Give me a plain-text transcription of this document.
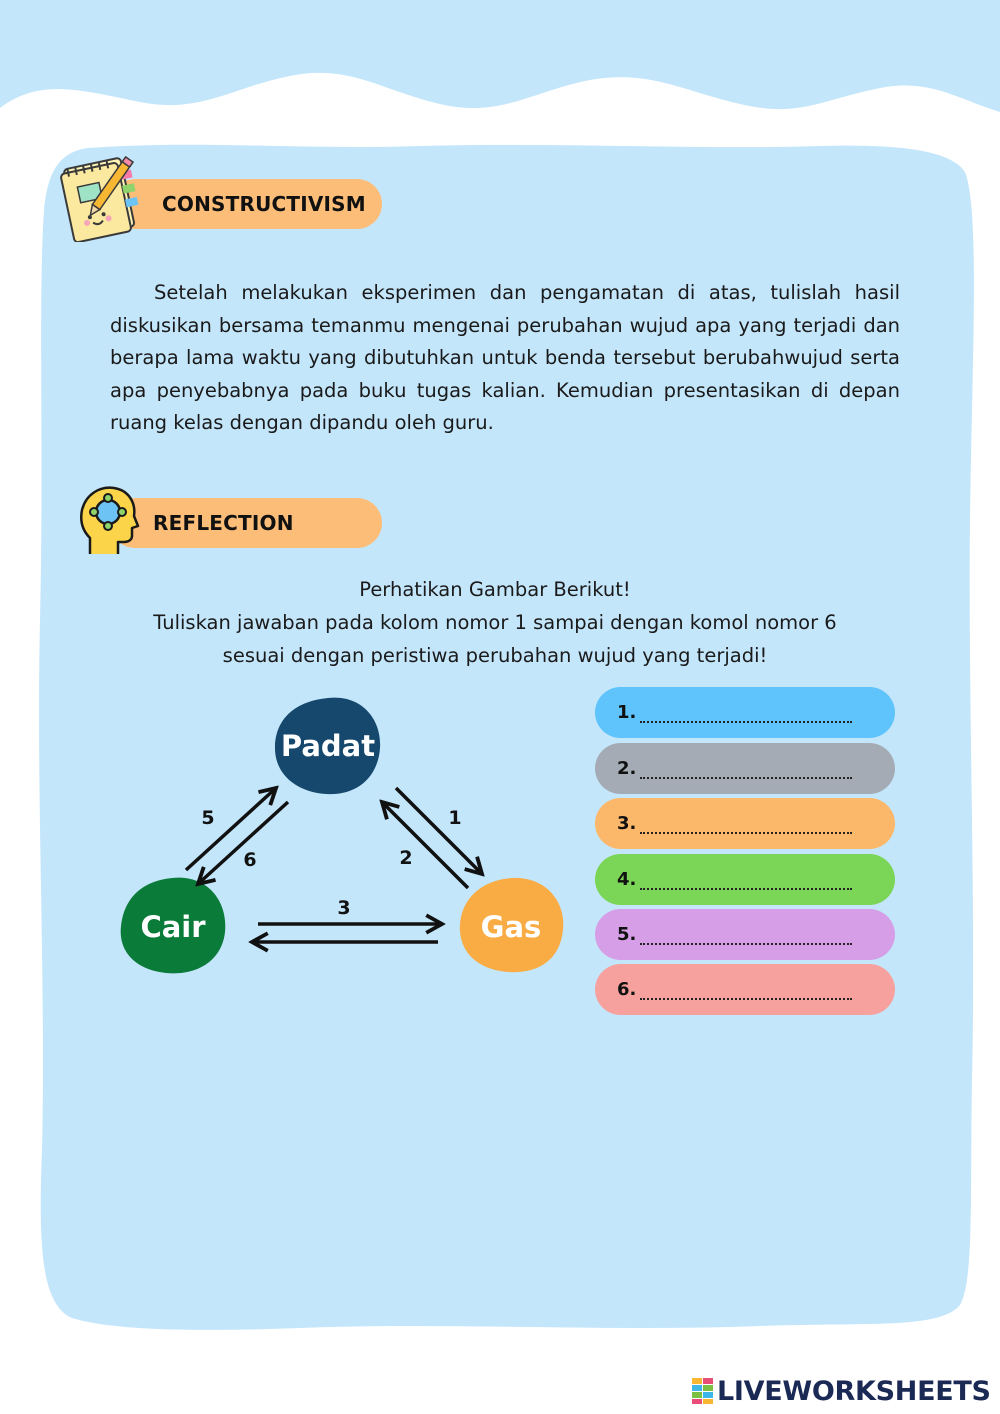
CONSTRUCTIVISM

Setelah melakukan eksperimen dan pengamatan di atas, tulislah hasil diskusikan bersama temanmu mengenai perubahan wujud apa yang terjadi dan berapa lama waktu yang dibutuhkan untuk benda tersebut berubahwujud serta apa penyebabnya pada buku tugas kalian. Kemudian presentasikan di depan ruang kelas dengan dipandu oleh guru.

REFLECTION
Perhatikan Gambar Berikut!
Tuliskan jawaban pada kolom nomor 1 sampai dengan komol nomor 6
sesuai dengan peristiwa perubahan wujud yang terjadi!
Padat
Cair	Gas
5
6
1
2
3
1.
2.
3.
4.
5.
6.
LIVEWORKSHEETS
